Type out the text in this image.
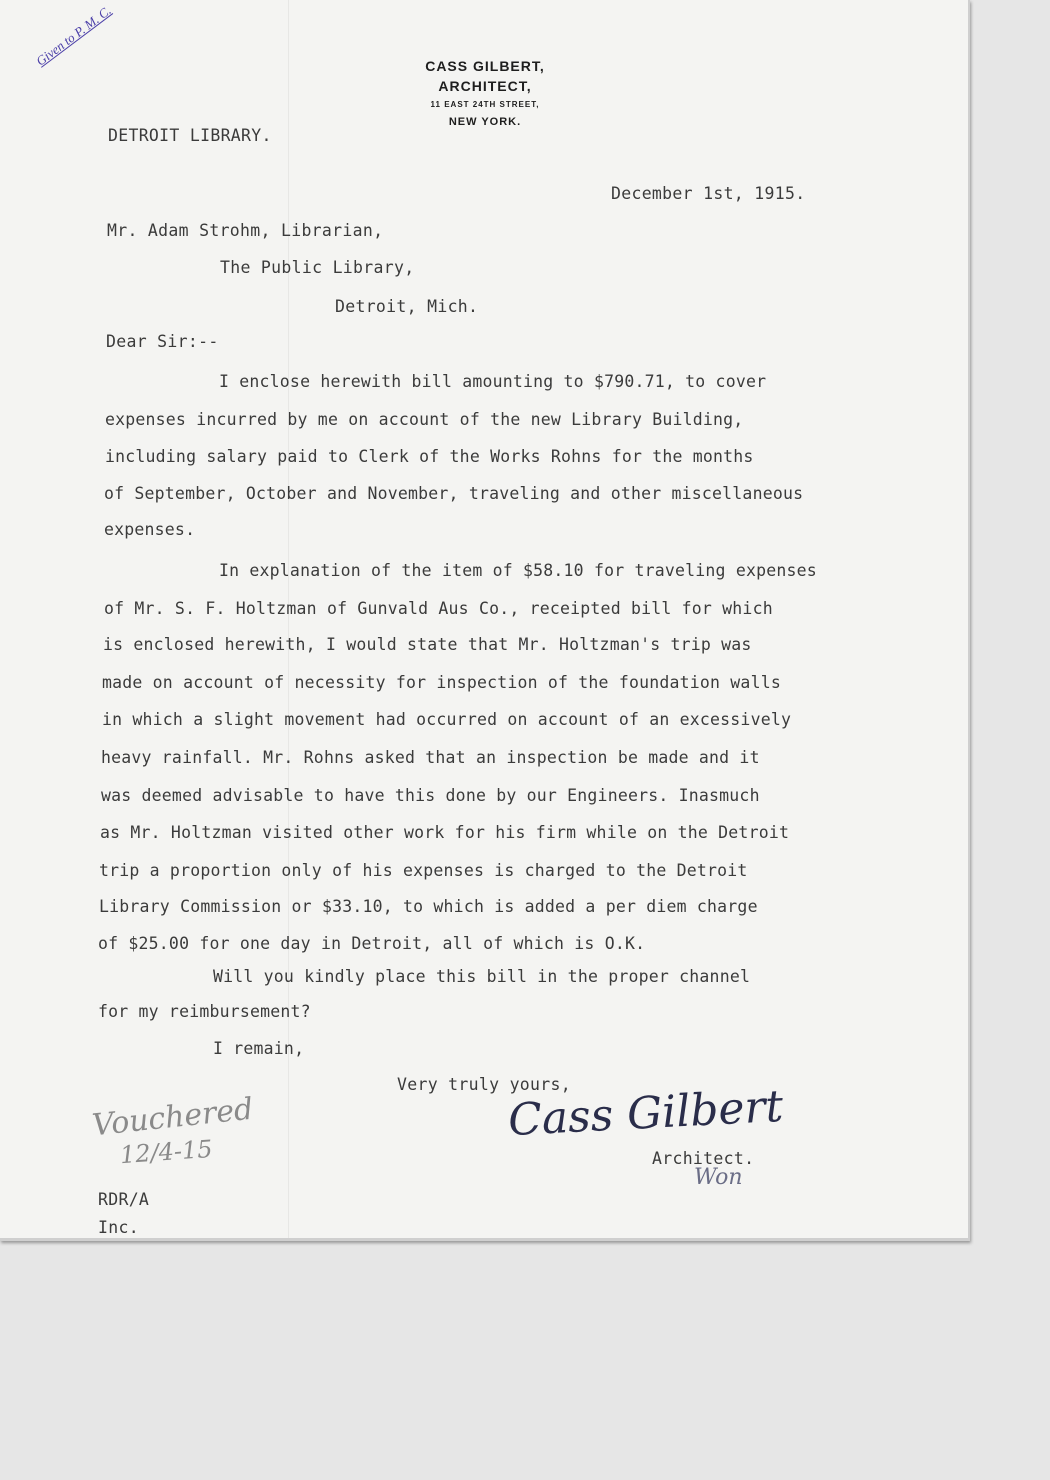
CASS GILBERT,
ARCHITECT,
11 EAST 24TH STREET,
NEW YORK.
Given to P. M. C.
DETROIT LIBRARY.
December 1st, 1915.
Mr. Adam Strohm, Librarian,
The Public Library,
Detroit, Mich.
Dear Sir:--
I enclose herewith bill amounting to $790.71, to cover
expenses incurred by me on account of the new Library Building,
including salary paid to Clerk of the Works Rohns for the months
of September, October and November, traveling and other miscellaneous
expenses.
In explanation of the item of $58.10 for traveling expenses
of Mr. S. F. Holtzman of Gunvald Aus Co., receipted bill for which
is enclosed herewith, I would state that Mr. Holtzman's trip was
made on account of necessity for inspection of the foundation walls
in which a slight movement had occurred on account of an excessively
heavy rainfall. Mr. Rohns asked that an inspection be made and it
was deemed advisable to have this done by our Engineers. Inasmuch
as Mr. Holtzman visited other work for his firm while on the Detroit
trip a proportion only of his expenses is charged to the Detroit
Library Commission or $33.10, to which is added a per diem charge
of $25.00 for one day in Detroit, all of which is O.K.
Will you kindly place this bill in the proper channel
for my reimbursement?
I remain,
Very truly yours,
Cass Gilbert
Architect.
Won
Vouchered
12/4-15
RDR/A
Inc.
